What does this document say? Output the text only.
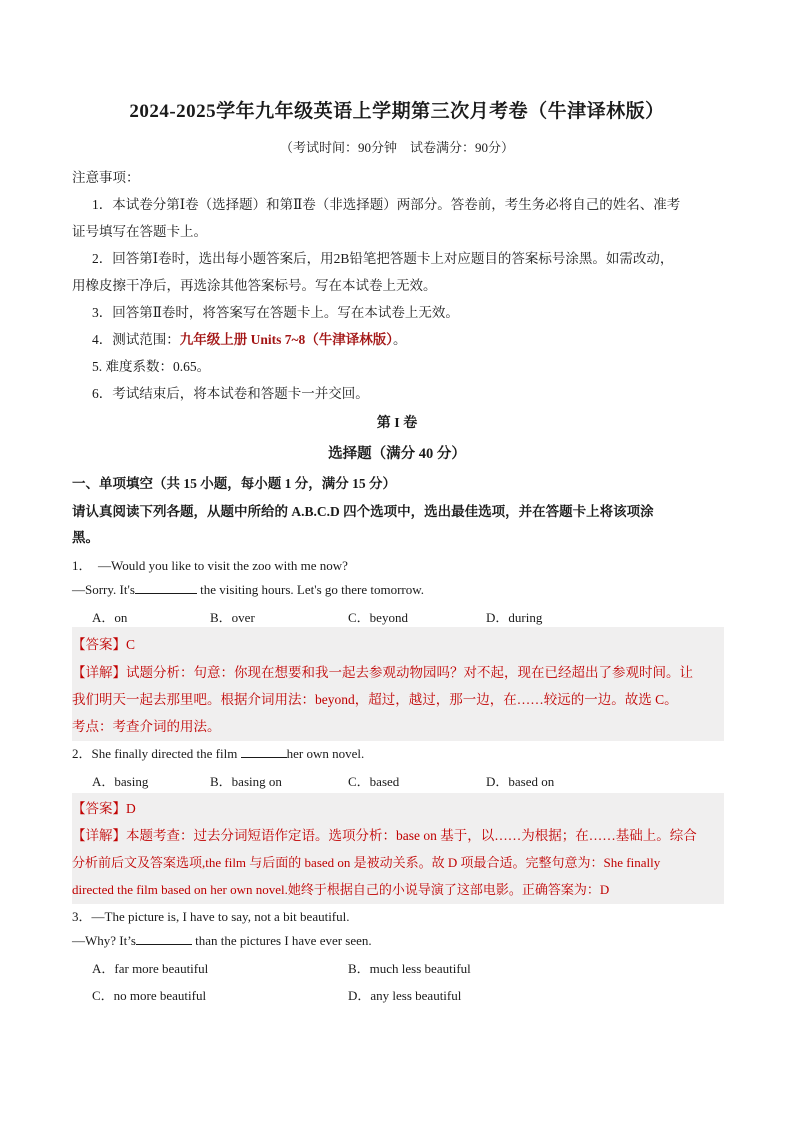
2024-2025学年九年级英语上学期第三次月考卷（牛津译林版）
（考试时间：90分钟　试卷满分：90分）
注意事项：
1．本试卷分第Ⅰ卷（选择题）和第Ⅱ卷（非选择题）两部分。答卷前，考生务必将自己的姓名、准考
证号填写在答题卡上。
2．回答第Ⅰ卷时，选出每小题答案后，用2B铅笔把答题卡上对应题目的答案标号涂黑。如需改动，
用橡皮擦干净后，再选涂其他答案标号。写在本试卷上无效。
3．回答第Ⅱ卷时，将答案写在答题卡上。写在本试卷上无效。
4．测试范围：九年级上册 Units 7~8（牛津译林版）。
5. 难度系数：0.65。
6．考试结束后，将本试卷和答题卡一并交回。
第 I 卷
选择题（满分 40 分）
一、单项填空（共 15 小题，每小题 1 分，满分 15 分）
请认真阅读下列各题，从题中所给的 A.B.C.D 四个选项中，选出最佳选项，并在答题卡上将该项涂
黑。
1．　—Would you like to visit the zoo with me now?
—Sorry. It's	the visiting hours. Let's go there tomorrow.
A．on	B．over	C．beyond	D．during
【答案】C
【详解】试题分析：句意：你现在想要和我一起去参观动物园吗？对不起，现在已经超出了参观时间。让
我们明天一起去那里吧。根据介词用法：beyond，超过，越过，那一边，在……较远的一边。故选 C。
考点：考查介词的用法。
2．She finally directed the film	her own novel.
A．basing	B．basing on	C．based	D．based on
【答案】D
【详解】本题考查：过去分词短语作定语。选项分析：base on 基于，以……为根据；在……基础上。综合
分析前后文及答案选项,the film 与后面的 based on 是被动关系。故 D 项最合适。完整句意为：She finally
directed the film based on her own novel.她终于根据自己的小说导演了这部电影。正确答案为：D
3．—The picture is, I have to say, not a bit beautiful.
—Why? It’s	than the pictures I have ever seen.
A．far more beautiful	B．much less beautiful
C．no more beautiful	D．any less beautiful
